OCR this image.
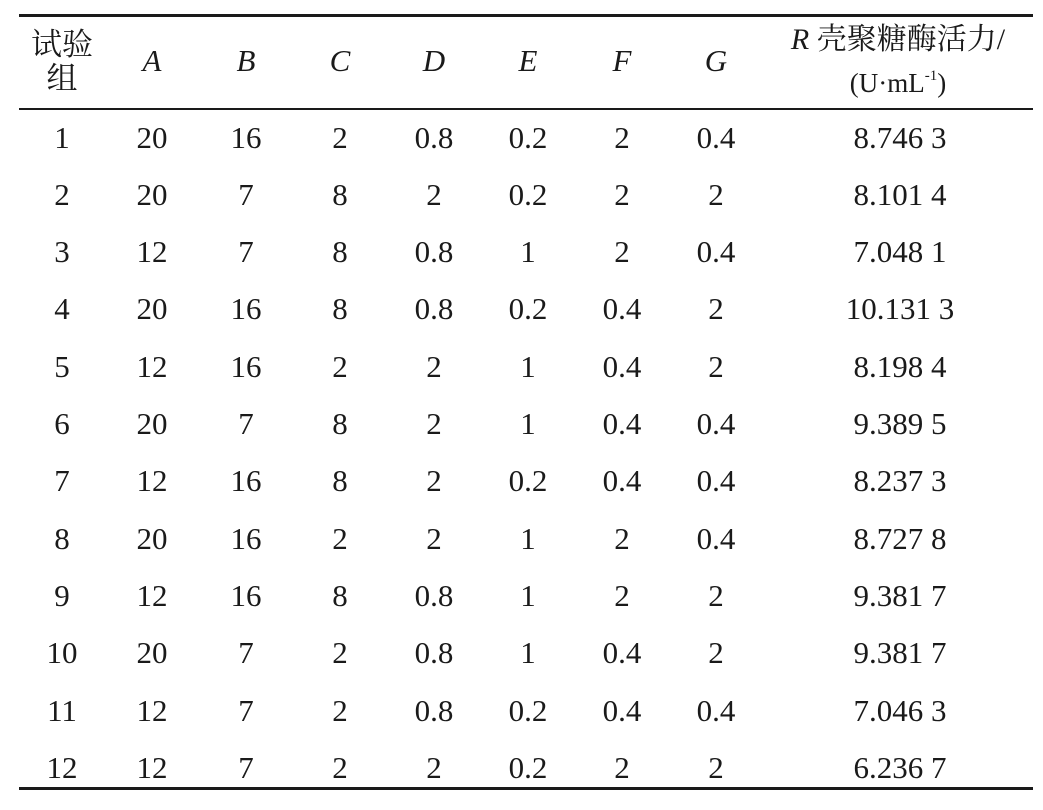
试验
组	A	B	C	D	E	F	G	R 壳聚糖酶活力/
$(U\cdot mL^{-1})$
1	20	16	2	0.8	0.2	2	0.4	8.746 3
2	20	7	8	2	0.2	2	2	8.101 4
3	12	7	8	0.8	1	2	0.4	7.048 1
4	20	16	8	0.8	0.2	0.4	2	10.131 3
5	12	16	2	2	1	0.4	2	8.198 4
6	20	7	8	2	1	0.4	0.4	9.389 5
7	12	16	8	2	0.2	0.4	0.4	8.237 3
8	20	16	2	2	1	2	0.4	8.727 8
9	12	16	8	0.8	1	2	2	9.381 7
10	20	7	2	0.8	1	0.4	2	9.381 7
11	12	7	2	0.8	0.2	0.4	0.4	7.046 3
12	12	7	2	2	0.2	2	2	6.236 7
